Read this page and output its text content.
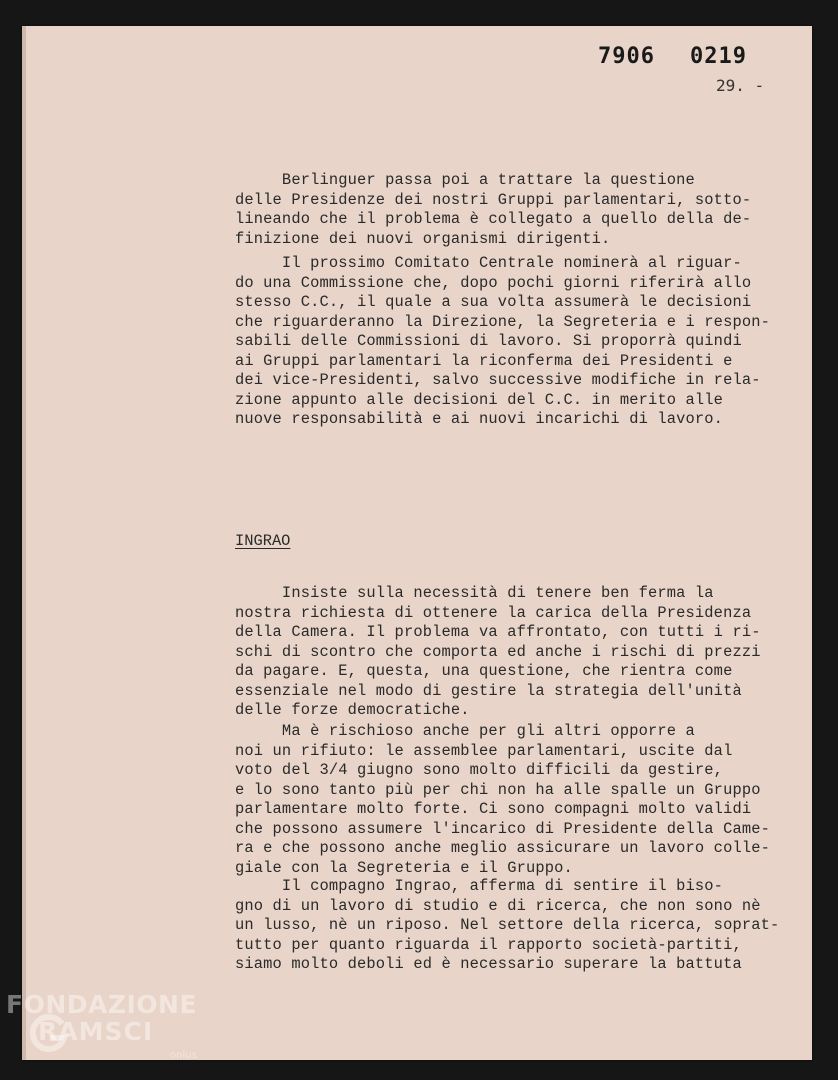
7906 0219
29. -
Berlinguer passa poi a trattare la questione
delle Presidenze dei nostri Gruppi parlamentari, sotto-
lineando che il problema è collegato a quello della de-
finizione dei nuovi organismi dirigenti.
Il prossimo Comitato Centrale nominerà al riguar-
do una Commissione che, dopo pochi giorni riferirà allo
stesso C.C., il quale a sua volta assumerà le decisioni
che riguarderanno la Direzione, la Segreteria e i respon-
sabili delle Commissioni di lavoro. Si proporrà quindi
ai Gruppi parlamentari la riconferma dei Presidenti e
dei vice-Presidenti, salvo successive modifiche in rela-
zione appunto alle decisioni del C.C. in merito alle
nuove responsabilità e ai nuovi incarichi di lavoro.
INGRAO
Insiste sulla necessità di tenere ben ferma la
nostra richiesta di ottenere la carica della Presidenza
della Camera. Il problema va affrontato, con tutti i ri-
schi di scontro che comporta ed anche i rischi di prezzi
da pagare. E, questa, una questione, che rientra come
essenziale nel modo di gestire la strategia dell'unità
delle forze democratiche.
Ma è rischioso anche per gli altri opporre a
noi un rifiuto: le assemblee parlamentari, uscite dal
voto del 3/4 giugno sono molto difficili da gestire,
e lo sono tanto più per chi non ha alle spalle un Gruppo
parlamentare molto forte. Ci sono compagni molto validi
che possono assumere l'incarico di Presidente della Came-
ra e che possono anche meglio assicurare un lavoro colle-
giale con la Segreteria e il Gruppo.
Il compagno Ingrao, afferma di sentire il biso-
gno di un lavoro di studio e di ricerca, che non sono nè
un lusso, nè un riposo. Nel settore della ricerca, soprat-
tutto per quanto riguarda il rapporto società-partiti,
siamo molto deboli ed è necessario superare la battuta
FONDAZIONE
RAMSCI
onlus
